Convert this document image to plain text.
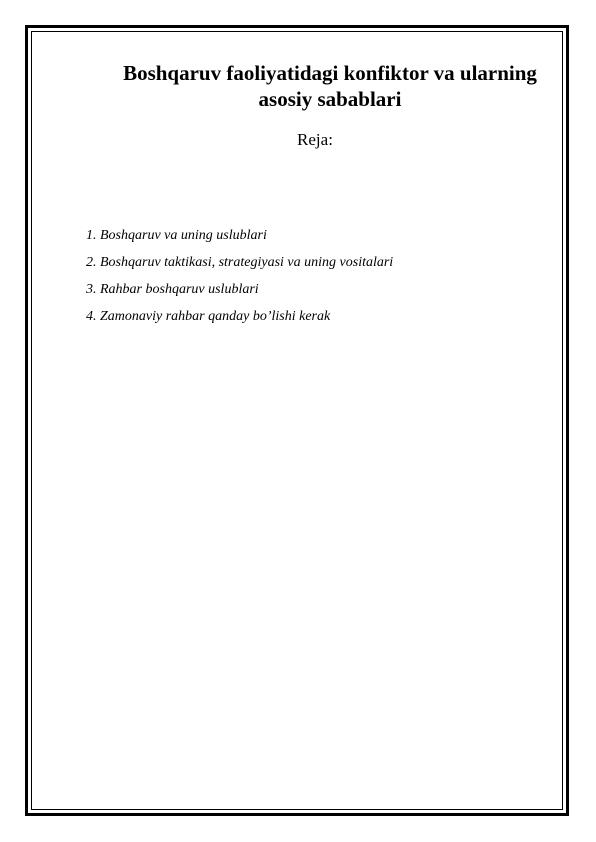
Boshqaruv faoliyatidagi konfiktor va ularning
asosiy sabablari

Reja:

1. Boshqaruv va uning uslublari
2. Boshqaruv taktikasi, strategiyasi va uning vositalari
3. Rahbar boshqaruv uslublari
4. Zamonaviy rahbar qanday bo’lishi kerak
